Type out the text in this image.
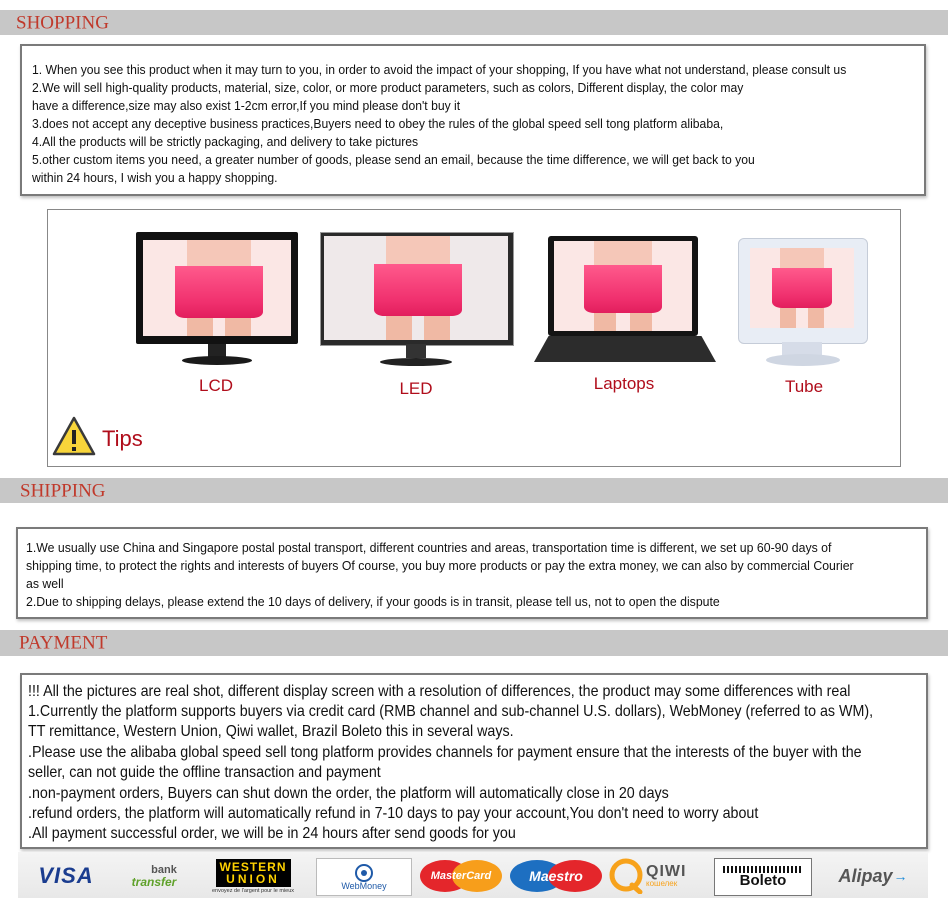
SHOPPING
1. When you see this product when it may turn to you, in order to avoid the impact of your shopping, If you have what not understand, please consult us
2.We will sell high-quality products, material, size, color, or more product parameters, such as colors, Different display, the color may
have a difference,size may also exist 1-2cm error,If you mind please don't buy it
3.does not accept any deceptive business practices,Buyers need to obey the rules of the global speed sell tong platform alibaba,
4.All the products will be strictly packaging, and delivery to take pictures
5.other custom items you need, a greater number of goods, please send an email, because the time difference, we will get back to you
within 24 hours, I wish you a happy shopping.
LCD	LED	Laptops	Tube
Tips
SHIPPING
1.We usually use China and Singapore postal postal transport, different countries and areas, transportation time is different, we set up 60-90 days of
shipping time, to protect the rights and interests of buyers Of course, you buy more products or pay the extra money, we can also by commercial Courier
as well
2.Due to shipping delays, please extend the 10 days of delivery, if your goods is in transit, please tell us, not to open the dispute
PAYMENT
!!! All the pictures are real shot, different display screen with a resolution of differences, the product may some differences with real
1.Currently the platform supports buyers via credit card (RMB channel and sub-channel U.S. dollars), WebMoney (referred to as WM),
TT remittance, Western Union, Qiwi wallet, Brazil Boleto this in several ways.
.Please use the alibaba global speed sell tong platform provides channels for payment ensure that the interests of the buyer with the
seller, can not guide the offline transaction and payment
.non-payment orders, Buyers can shut down the order, the platform will automatically close in 20 days
.refund orders, the platform will automatically refund in 7-10 days to pay your account,You don't need to worry about
.All payment successful order, we will be in 24 hours after send goods for you
VISA	bank
transfer
WESTERN
UNION
envoyez de l'argent pour le mieux	WebMoney
MasterCard	Maestro	QIWI
кошелек	Boleto	Alipay →
